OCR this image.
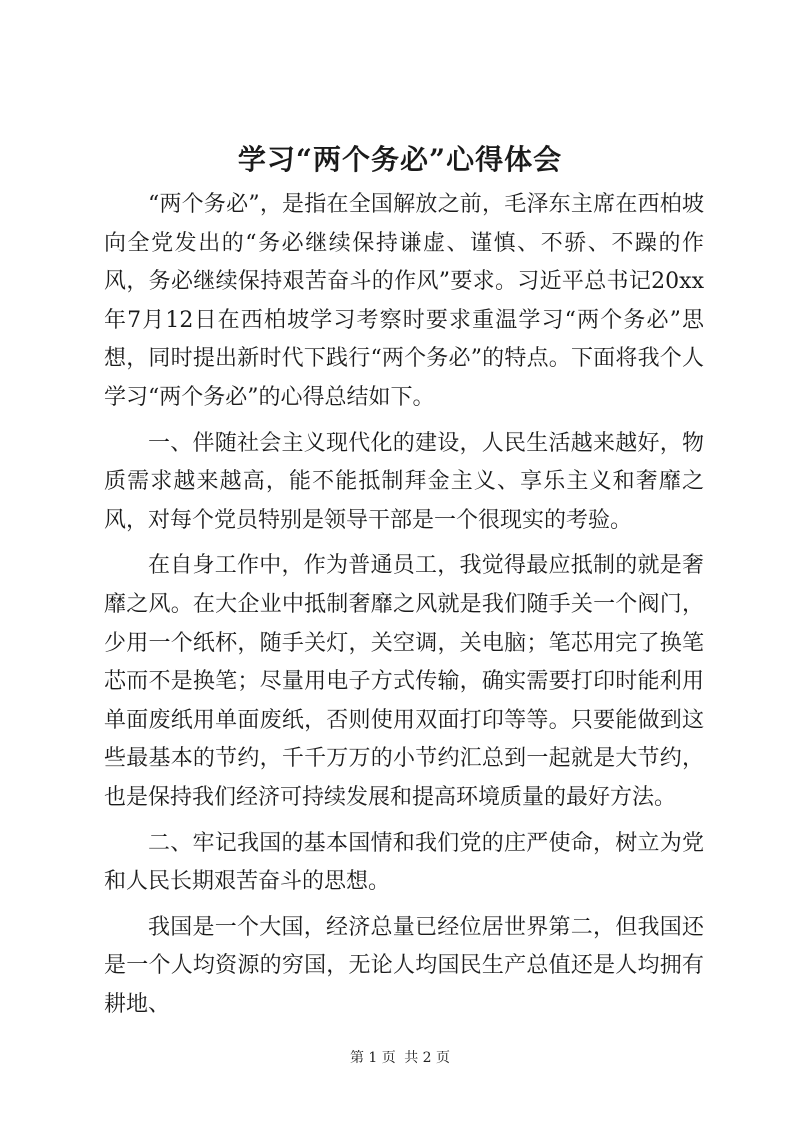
学习“两个务必”心得体会

“两个务必”，是指在全国解放之前，毛泽东主席在西柏坡向全党发出的“务必继续保持谦虚、谨慎、不骄、不躁的作风，务必继续保持艰苦奋斗的作风”要求。习近平总书记20xx年7月12日在西柏坡学习考察时要求重温学习“两个务必”思想，同时提出新时代下践行“两个务必”的特点。下面将我个人学习“两个务必”的心得总结如下。

一、伴随社会主义现代化的建设，人民生活越来越好，物质需求越来越高，能不能抵制拜金主义、享乐主义和奢靡之风，对每个党员特别是领导干部是一个很现实的考验。

在自身工作中，作为普通员工，我觉得最应抵制的就是奢靡之风。在大企业中抵制奢靡之风就是我们随手关一个阀门，少用一个纸杯，随手关灯，关空调，关电脑；笔芯用完了换笔芯而不是换笔；尽量用电子方式传输，确实需要打印时能利用单面废纸用单面废纸，否则使用双面打印等等。只要能做到这些最基本的节约，千千万万的小节约汇总到一起就是大节约，也是保持我们经济可持续发展和提高环境质量的最好方法。

二、牢记我国的基本国情和我们党的庄严使命，树立为党和人民长期艰苦奋斗的思想。

我国是一个大国，经济总量已经位居世界第二，但我国还是一个人均资源的穷国，无论人均国民生产总值还是人均拥有耕地、

第 1 页 共 2 页
